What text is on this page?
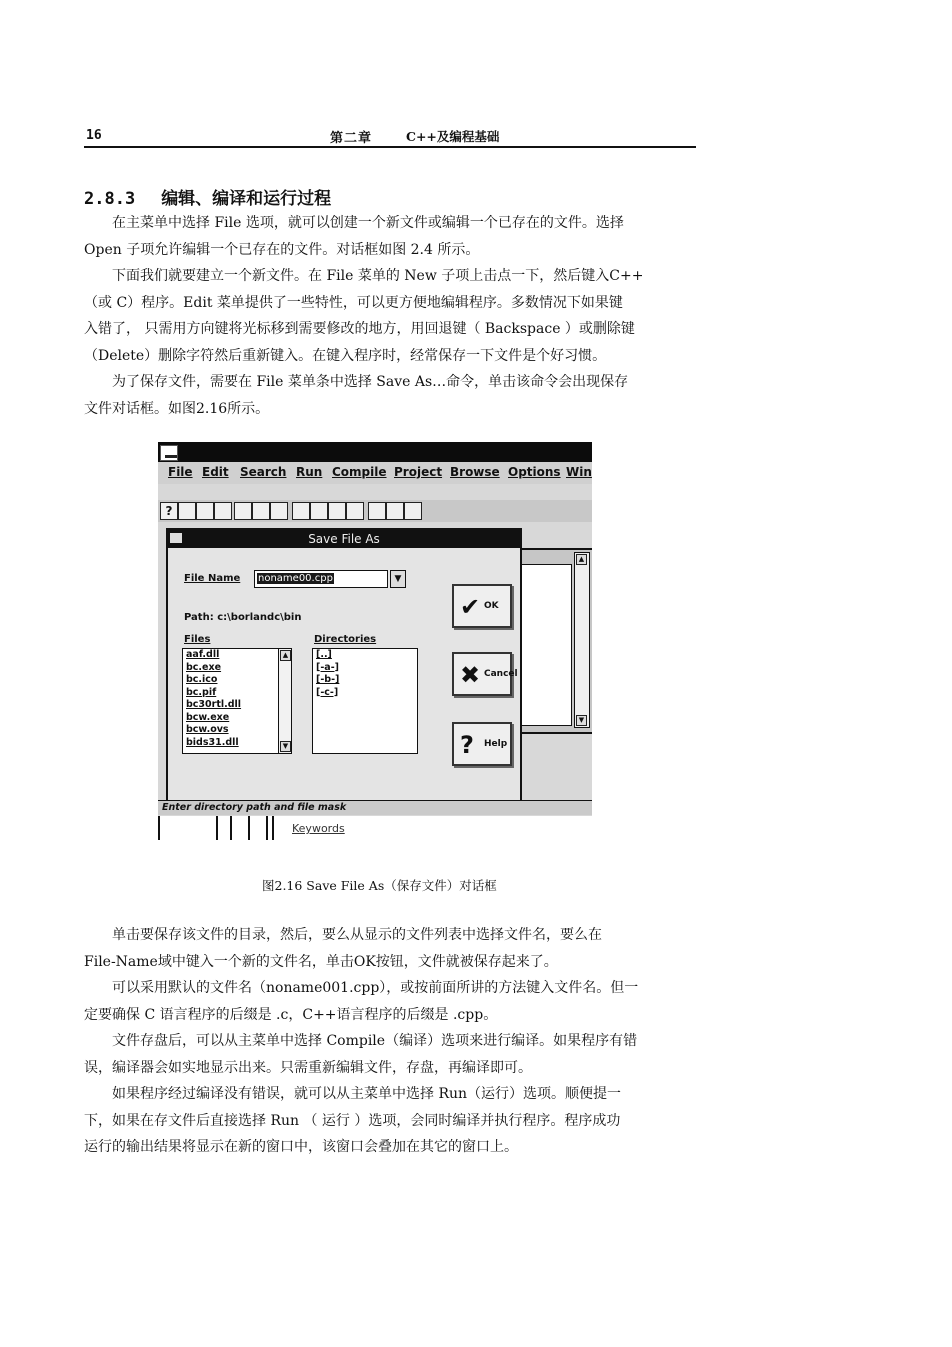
16	第二章	C++及编程基础
2.8.3 编辑、编译和运行过程
　　在主菜单中选择 File 选项，就可以创建一个新文件或编辑一个已存在的文件。选择
Open 子项允许编辑一个已存在的文件。对话框如图 2.4 所示。
　　下面我们就要建立一个新文件。在 File 菜单的 New 子项上击点一下，然后键入C++
（或 C）程序。Edit 菜单提供了一些特性，可以更方便地编辑程序。多数情况下如果键
入错了， 只需用方向键将光标移到需要修改的地方，用回退键（ Backspace ）或删除键
（Delete）删除字符然后重新键入。在键入程序时，经常保存一下文件是个好习惯。
　　为了保存文件，需要在 File 菜单条中选择 Save As…命令，单击该命令会出现保存
文件对话框。如图2.16所示。
File Edit Search Run Compile Project Browse Options Win
?
▲
▼
Save File As
File Name	noname00.cpp	▼
Path: c:\borlandc\bin
Files	Directories
aaf.dll
bc.exe
bc.ico
bc.pif
bc30rtl.dll
bcw.exe
bcw.ovs
bids31.dll
▲
▼
[..]
[-a-]
[-b-]
[-c-]
✔ OK
✖ Cancel
? Help
Enter directory path and file mask
Keywords
图2.16 Save File As（保存文件）对话框
　　单击要保存该文件的目录，然后，要么从显示的文件列表中选择文件名，要么在
File-Name域中键入一个新的文件名，单击OK按钮，文件就被保存起来了。
　　可以采用默认的文件名（noname001.cpp），或按前面所讲的方法键入文件名。但一
定要确保 C 语言程序的后缀是 .c，C++语言程序的后缀是 .cpp。
　　文件存盘后，可以从主菜单中选择 Compile（编译）选项来进行编译。如果程序有错
误，编译器会如实地显示出来。只需重新编辑文件，存盘，再编译即可。
　　如果程序经过编译没有错误，就可以从主菜单中选择 Run（运行）选项。顺便提一
下，如果在存文件后直接选择 Run （ 运行 ）选项，会同时编译并执行程序。程序成功
运行的输出结果将显示在新的窗口中，该窗口会叠加在其它的窗口上。
